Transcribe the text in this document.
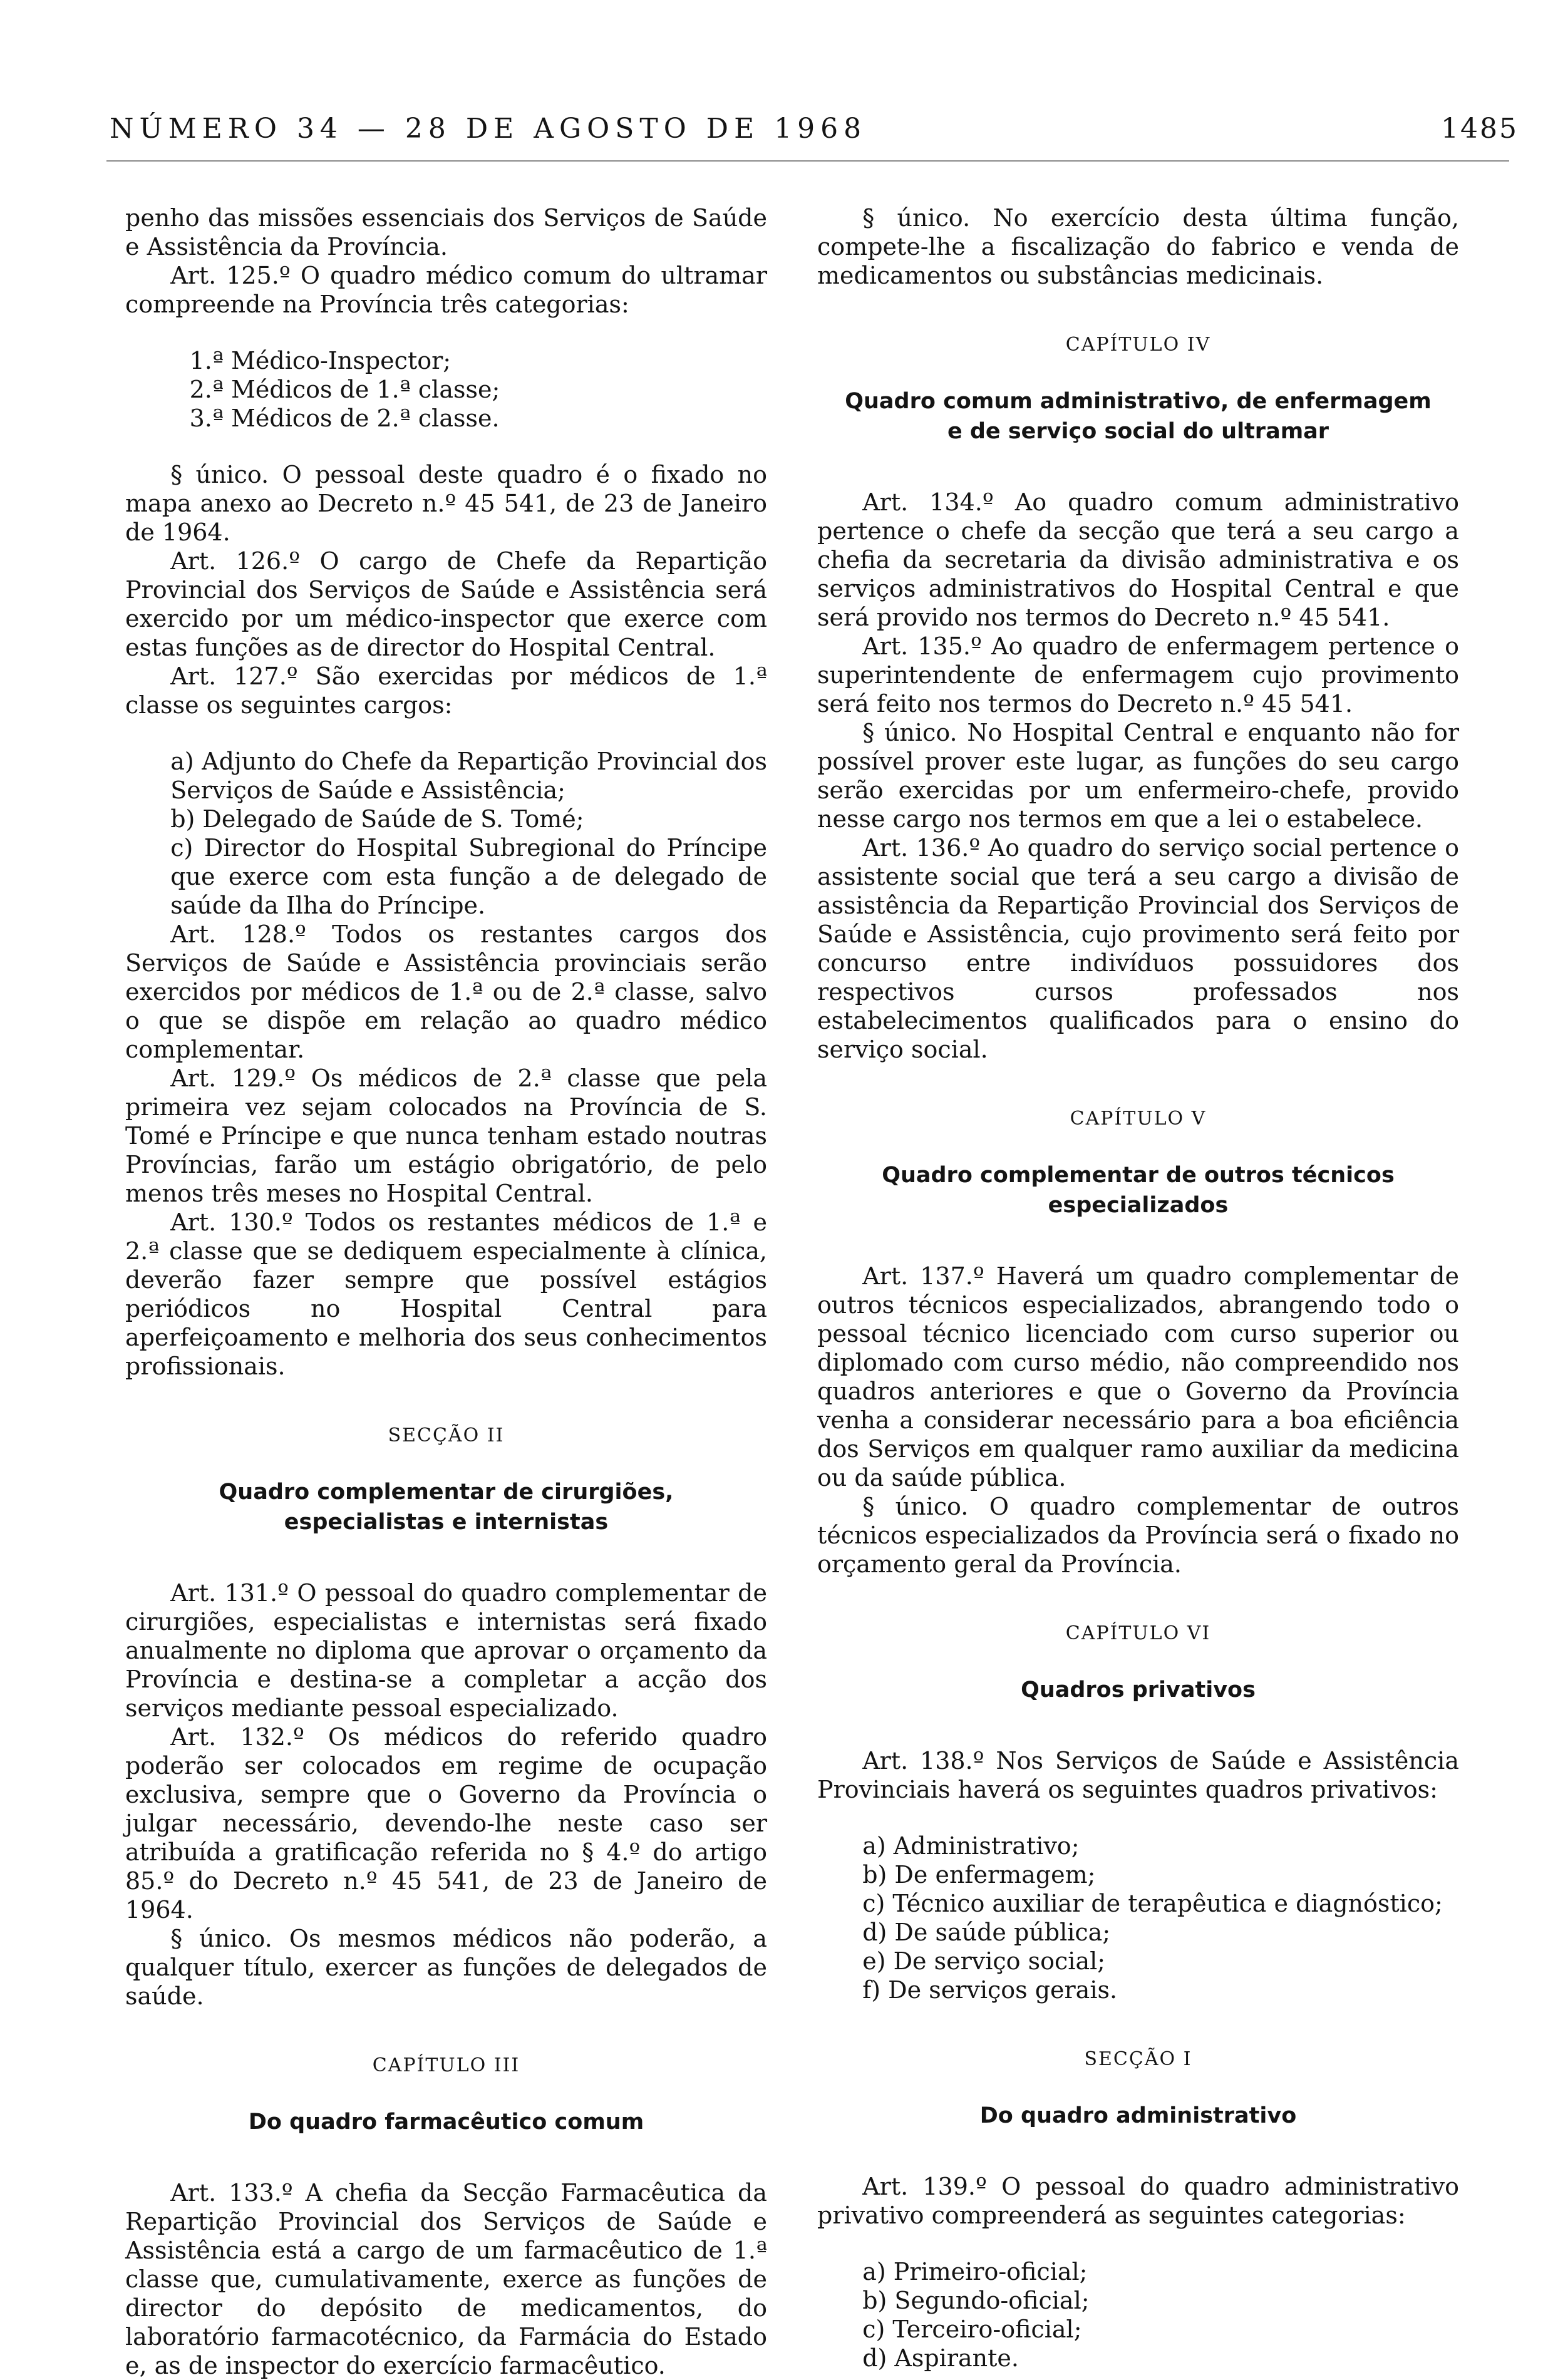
NÚMERO 34 — 28 DE AGOSTO DE 1968	1485

penho das missões essenciais dos Serviços de Saúde e Assistência da Província.

Art. 125.º O quadro médico comum do ultramar compreende na Província três categorias:

1.ª Médico-Inspector;
2.ª Médicos de 1.ª classe;
3.ª Médicos de 2.ª classe.

§ único. O pessoal deste quadro é o fixado no mapa anexo ao Decreto n.º 45 541, de 23 de Janeiro de 1964.

Art. 126.º O cargo de Chefe da Repartição Provincial dos Serviços de Saúde e Assistência será exercido por um médico-inspector que exerce com estas funções as de director do Hospital Central.

Art. 127.º São exercidas por médicos de 1.ª classe os seguintes cargos:

a) Adjunto do Chefe da Repartição Provincial dos Serviços de Saúde e Assistência;
b) Delegado de Saúde de S. Tomé;
c) Director do Hospital Subregional do Príncipe que exerce com esta função a de delegado de saúde da Ilha do Príncipe.

Art. 128.º Todos os restantes cargos dos Serviços de Saúde e Assistência provinciais serão exercidos por médicos de 1.ª ou de 2.ª classe, salvo o que se dispõe em relação ao quadro médico complementar.

Art. 129.º Os médicos de 2.ª classe que pela primeira vez sejam colocados na Província de S. Tomé e Príncipe e que nunca tenham estado noutras Províncias, farão um estágio obrigatório, de pelo menos três meses no Hospital Central.

Art. 130.º Todos os restantes médicos de 1.ª e 2.ª classe que se dediquem especialmente à clínica, deverão fazer sempre que possível estágios periódicos no Hospital Central para aperfeiçoamento e melhoria dos seus conhecimentos profissionais.

SECÇÃO II
Quadro complementar de cirurgiões,
especialistas e internistas

Art. 131.º O pessoal do quadro complementar de cirurgiões, especialistas e internistas será fixado anualmente no diploma que aprovar o orçamento da Província e destina-se a completar a acção dos serviços mediante pessoal especializado.

Art. 132.º Os médicos do referido quadro poderão ser colocados em regime de ocupação exclusiva, sempre que o Governo da Província o julgar necessário, devendo-lhe neste caso ser atribuída a gratificação referida no § 4.º do artigo 85.º do Decreto n.º 45 541, de 23 de Janeiro de 1964.

§ único. Os mesmos médicos não poderão, a qualquer título, exercer as funções de delegados de saúde.

CAPÍTULO III
Do quadro farmacêutico comum

Art. 133.º A chefia da Secção Farmacêutica da Repartição Provincial dos Serviços de Saúde e Assistência está a cargo de um farmacêutico de 1.ª classe que, cumulativamente, exerce as funções de director do depósito de medicamentos, do laboratório farmacotécnico, da Farmácia do Estado e, as de inspector do exercício farmacêutico.

§ único. No exercício desta última função, compete-lhe a fiscalização do fabrico e venda de medicamentos ou substâncias medicinais.

CAPÍTULO IV
Quadro comum administrativo, de enfermagem
e de serviço social do ultramar

Art. 134.º Ao quadro comum administrativo pertence o chefe da secção que terá a seu cargo a chefia da secretaria da divisão administrativa e os serviços administrativos do Hospital Central e que será provido nos termos do Decreto n.º 45 541.

Art. 135.º Ao quadro de enfermagem pertence o superintendente de enfermagem cujo provimento será feito nos termos do Decreto n.º 45 541.

§ único. No Hospital Central e enquanto não for possível prover este lugar, as funções do seu cargo serão exercidas por um enfermeiro-chefe, provido nesse cargo nos termos em que a lei o estabelece.

Art. 136.º Ao quadro do serviço social pertence o assistente social que terá a seu cargo a divisão de assistência da Repartição Provincial dos Serviços de Saúde e Assistência, cujo provimento será feito por concurso entre indivíduos possuidores dos respectivos cursos professados nos estabelecimentos qualificados para o ensino do serviço social.

CAPÍTULO V
Quadro complementar de outros técnicos especializados

Art. 137.º Haverá um quadro complementar de outros técnicos especializados, abrangendo todo o pessoal técnico licenciado com curso superior ou diplomado com curso médio, não compreendido nos quadros anteriores e que o Governo da Província venha a considerar necessário para a boa eficiência dos Serviços em qualquer ramo auxiliar da medicina ou da saúde pública.

§ único. O quadro complementar de outros técnicos especializados da Província será o fixado no orçamento geral da Província.

CAPÍTULO VI
Quadros privativos

Art. 138.º Nos Serviços de Saúde e Assistência Provinciais haverá os seguintes quadros privativos:

a) Administrativo;
b) De enfermagem;
c) Técnico auxiliar de terapêutica e diagnóstico;
d) De saúde pública;
e) De serviço social;
f) De serviços gerais.
SECÇÃO I
Do quadro administrativo

Art. 139.º O pessoal do quadro administrativo privativo compreenderá as seguintes categorias:

a) Primeiro-oficial;
b) Segundo-oficial;
c) Terceiro-oficial;
d) Aspirante.
